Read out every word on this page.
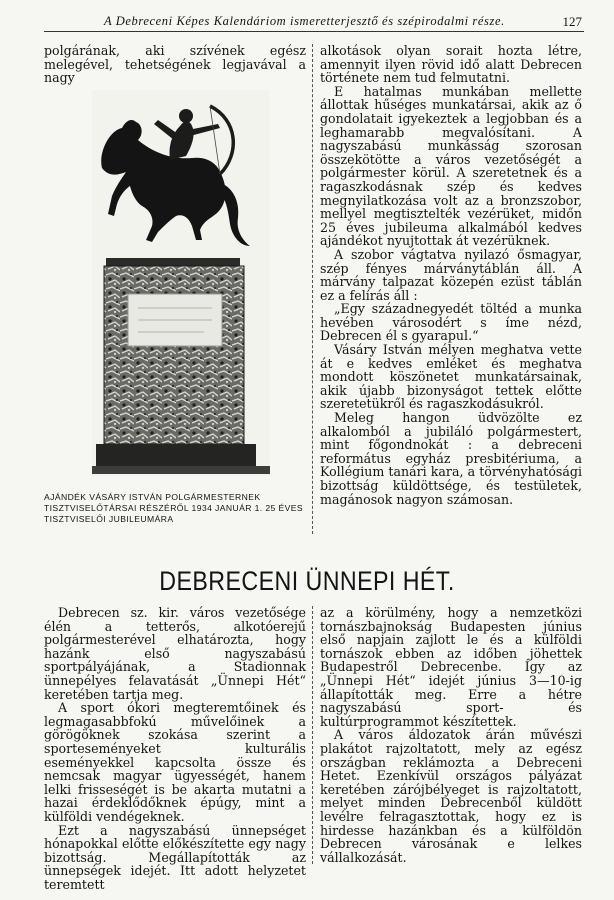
A Debreceni Képes Kalendáriom ismeretterjesztő és szépirodalmi része.	127

polgárának, aki szívének egész melegével, tehetségének legjavával a nagy

AJÁNDÉK VÁSÁRY ISTVÁN POLGÁRMESTERNEK TISZTVISELŐTÁRSAI RÉSZÉRŐL 1934 JANUÁR 1. 25 ÉVES TISZTVISELŐI JUBILEUMÁRA

alkotások olyan sorait hozta létre, amennyit ilyen rövid idő alatt Debrecen története nem tud felmutatni.

E hatalmas munkában mellette állottak hűséges munkatársai, akik az ő gondolatait igyekeztek a legjobban és a leghamarabb megvalósítani. A nagyszabású munkásság szorosan összekötötte a város vezetőségét a polgármester körül. A szeretetnek és a ragaszkodásnak szép és kedves megnyilatkozása volt az a bronzszobor, mellyel megtisztelték vezérüket, midőn 25 éves jubileuma alkalmából kedves ajándékot nyujtottak át vezérüknek.

A szobor vágtatva nyilazó ősmagyar, szép fényes márványtáblán áll. A márvány talpazat közepén ezüst táblán ez a felírás áll :

„Egy századnegyedét töltéd a munka hevében városodért s íme nézd, Debrecen él s gyarapul.“

Vásáry István mélyen meghatva vette át e kedves emléket és meghatva mondott köszönetet munkatársainak, akik újabb bizonyságot tettek előtte szeretetükről és ragaszkodásukról.

Meleg hangon üdvözölte ez alkalomból a jubiláló polgármestert, mint főgondnokát : a debreceni református egyház presbitériuma, a Kollégium tanári kara, a törvényhatósági bizottság küldöttsége, és testületek, magánosok nagyon számosan.

DEBRECENI ÜNNEPI HÉT.

Debrecen sz. kir. város vezetősége élén a tetterős, alkotóerejű polgármesterével elhatározta, hogy hazánk első nagyszabású sportpályájának, a Stadionnak ünnepélyes felavatását „Ünnepi Hét“ keretében tartja meg.

A sport ókori megteremtőinek és legmagasabbfokú művelőinek a görögöknek szokása szerint a sporteseményeket kulturális eseményekkel kapcsolta össze és nemcsak magyar ügyességét, hanem lelki frisseségét is be akarta mutatni a hazai érdeklődőknek épúgy, mint a külföldi vendégeknek.

Ezt a nagyszabású ünnepséget hónapokkal előtte előkészítette egy nagy bizottság. Megállapították az ünnepségek idejét. Itt adott helyzetet teremtett

az a körülmény, hogy a nemzetközi tornászbajnokság Budapesten június első napjain zajlott le és a külföldi tornászok ebben az időben jöhettek Budapestről Debrecenbe. Így az „Ünnepi Hét“ idejét június 3—10-ig állapították meg. Erre a hétre nagyszabású sport- és kultúrprogrammot készítettek.

A város áldozatok árán művészi plakátot rajzoltatott, mely az egész országban reklámozta a Debreceni Hetet. Ezenkívül országos pályázat keretében zárójbélyeget is rajzoltatott, melyet minden Debrecenből küldött levélre felragasztottak, hogy ez is hirdesse hazánkban és a külföldön Debrecen városának e lelkes vállalkozását.
